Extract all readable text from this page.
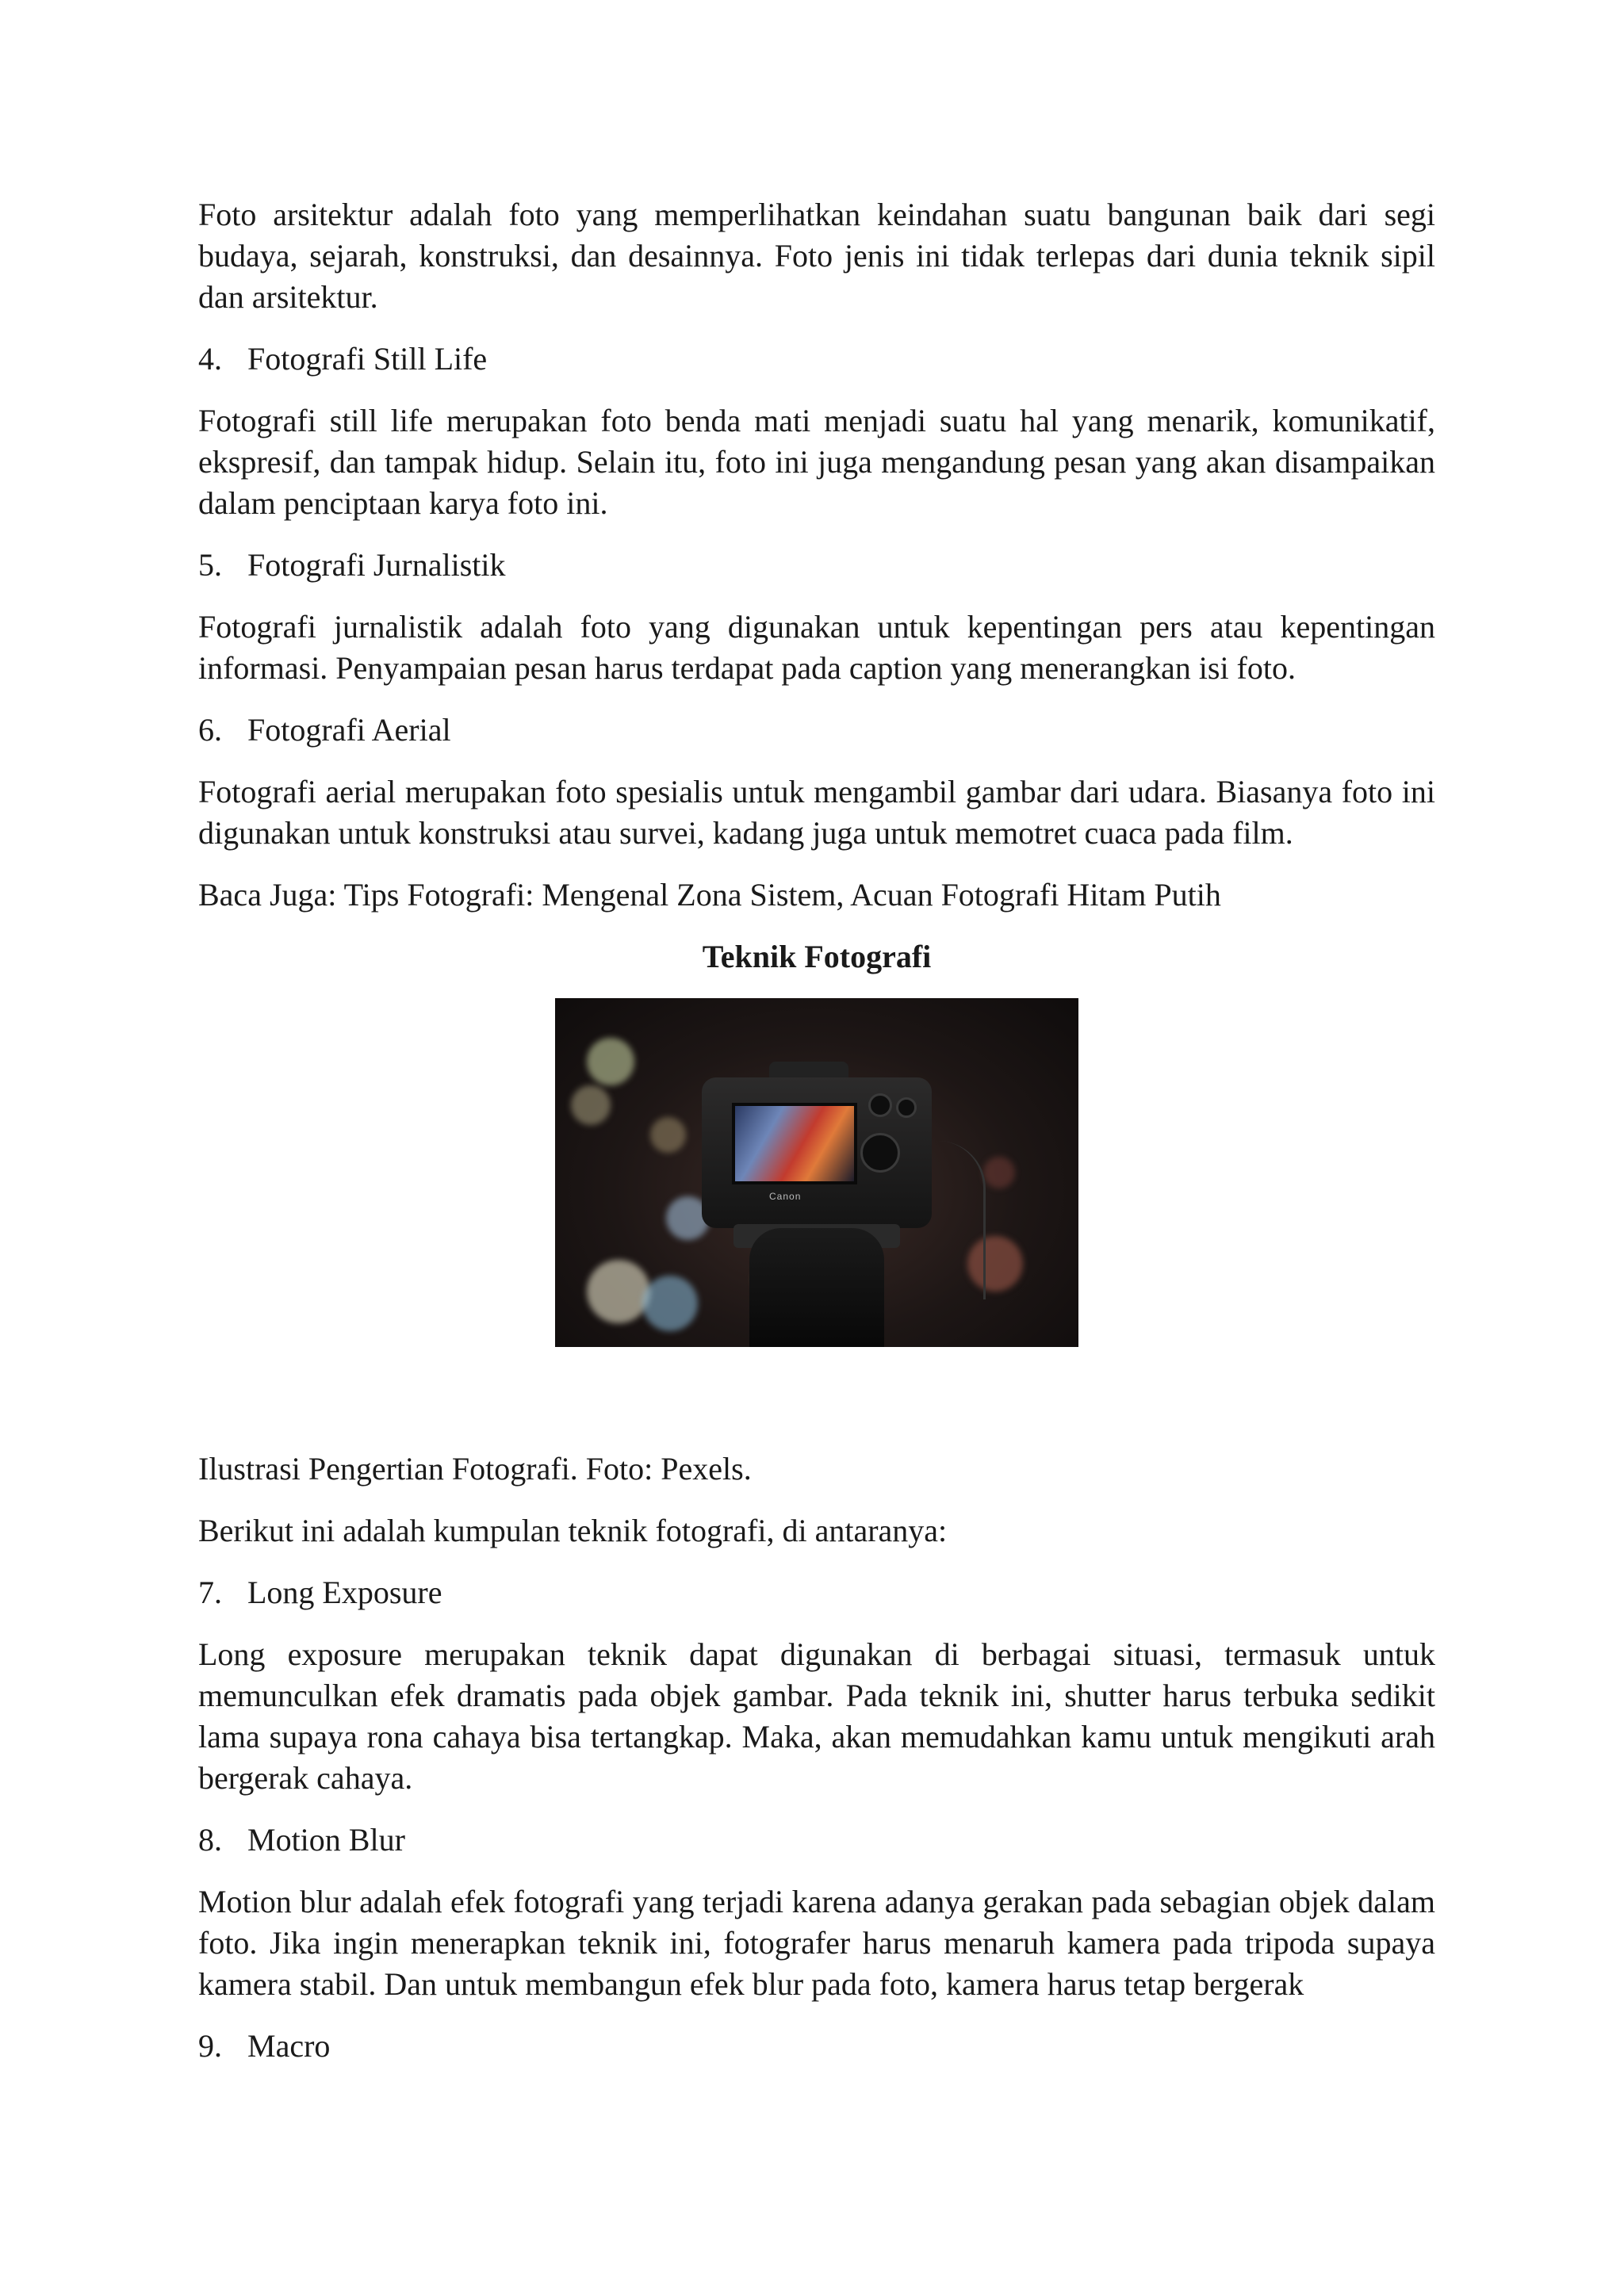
Foto arsitektur adalah foto yang memperlihatkan keindahan suatu bangunan baik dari segi budaya, sejarah, konstruksi, dan desainnya. Foto jenis ini tidak terlepas dari dunia teknik sipil dan arsitektur.

4. Fotografi Still Life

Fotografi still life merupakan foto benda mati menjadi suatu hal yang menarik, komunikatif, ekspresif, dan tampak hidup. Selain itu, foto ini juga mengandung pesan yang akan disampaikan dalam penciptaan karya foto ini.

5. Fotografi Jurnalistik

Fotografi jurnalistik adalah foto yang digunakan untuk kepentingan pers atau kepentingan informasi. Penyampaian pesan harus terdapat pada caption yang menerangkan isi foto.

6. Fotografi Aerial

Fotografi aerial merupakan foto spesialis untuk mengambil gambar dari udara. Biasanya foto ini digunakan untuk konstruksi atau survei, kadang juga untuk memotret cuaca pada film.

Baca Juga: Tips Fotografi: Mengenal Zona Sistem, Acuan Fotografi Hitam Putih

Teknik Fotografi
Canon

Ilustrasi Pengertian Fotografi. Foto: Pexels.

Berikut ini adalah kumpulan teknik fotografi, di antaranya:

7. Long Exposure

Long exposure merupakan teknik dapat digunakan di berbagai situasi, termasuk untuk memunculkan efek dramatis pada objek gambar. Pada teknik ini, shutter harus terbuka sedikit lama supaya rona cahaya bisa tertangkap. Maka, akan memudahkan kamu untuk mengikuti arah bergerak cahaya.

8. Motion Blur

Motion blur adalah efek fotografi yang terjadi karena adanya gerakan pada sebagian objek dalam foto. Jika ingin menerapkan teknik ini, fotografer harus menaruh kamera pada tripoda supaya kamera stabil. Dan untuk membangun efek blur pada foto, kamera harus tetap bergerak

9. Macro
